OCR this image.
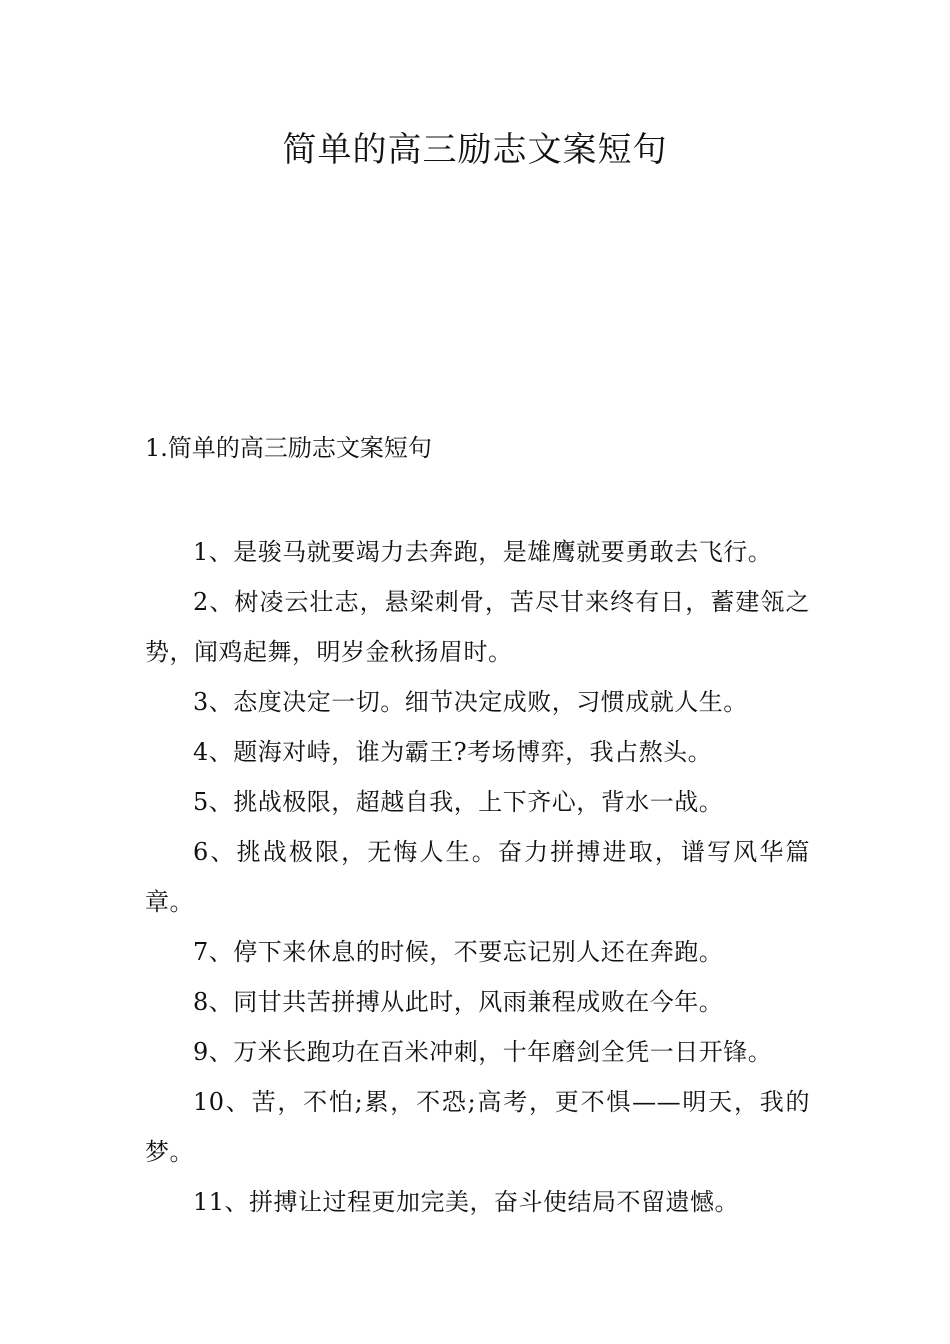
简单的高三励志文案短句
1.简单的高三励志文案短句

1、是骏马就要竭力去奔跑，是雄鹰就要勇敢去飞行。

2、树凌云壮志，悬梁刺骨，苦尽甘来终有日，蓄建瓴之势，闻鸡起舞，明岁金秋扬眉时。

3、态度决定一切。细节决定成败，习惯成就人生。

4、题海对峙，谁为霸王?考场博弈，我占熬头。

5、挑战极限，超越自我，上下齐心，背水一战。

6、挑战极限，无悔人生。奋力拼搏进取，谱写风华篇章。

7、停下来休息的时候，不要忘记别人还在奔跑。

8、同甘共苦拼搏从此时，风雨兼程成败在今年。

9、万米长跑功在百米冲刺，十年磨剑全凭一日开锋。

10、苦，不怕;累，不恐;高考，更不惧——明天，我的梦。

11、拼搏让过程更加完美，奋斗使结局不留遗憾。
